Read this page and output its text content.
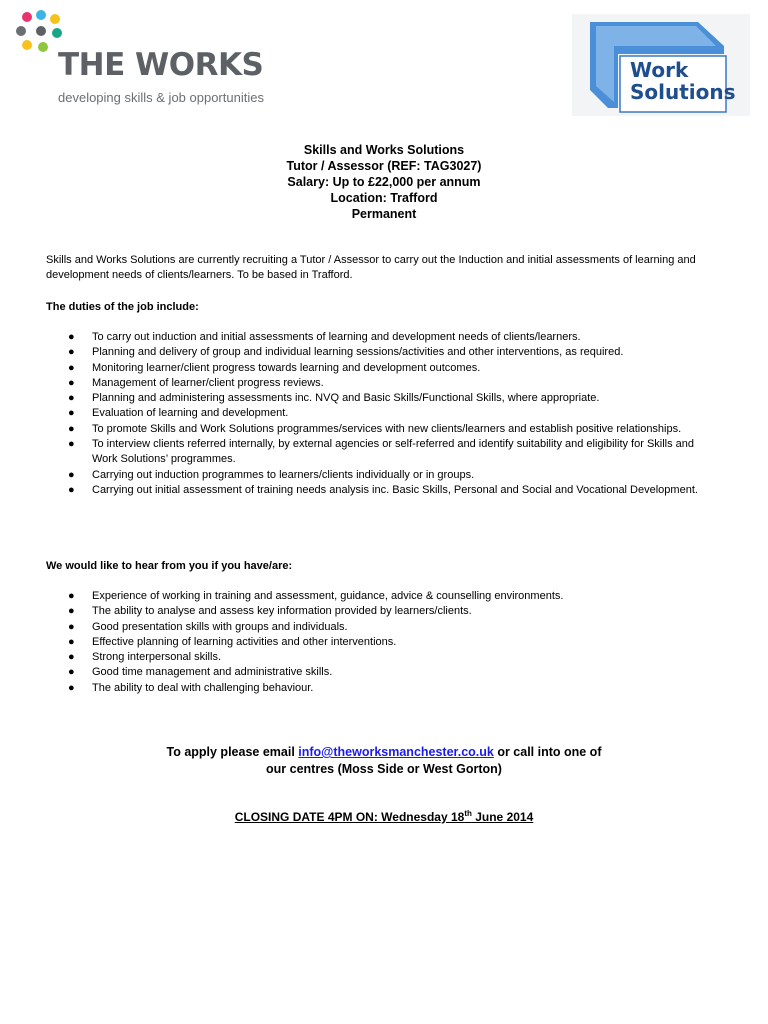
THE WORKS
developing skills & job opportunities
Work
Solutions
Skills and Works Solutions
Tutor / Assessor (REF: TAG3027)
Salary: Up to £22,000 per annum
Location: Trafford
Permanent
Skills and Works Solutions are currently recruiting a Tutor / Assessor to carry out the Induction and initial assessments of learning and development needs of clients/learners. To be based in Trafford.
The duties of the job include:
● To carry out induction and initial assessments of learning and development needs of clients/learners.
● Planning and delivery of group and individual learning sessions/activities and other interventions, as required.
● Monitoring learner/client progress towards learning and development outcomes.
● Management of learner/client progress reviews.
● Planning and administering assessments inc. NVQ and Basic Skills/Functional Skills, where appropriate.
● Evaluation of learning and development.
● To promote Skills and Work Solutions programmes/services with new clients/learners and establish positive relationships.
● To interview clients referred internally, by external agencies or self-referred and identify suitability and eligibility for Skills and Work Solutions’ programmes.
● Carrying out induction programmes to learners/clients individually or in groups.
● Carrying out initial assessment of training needs analysis inc. Basic Skills, Personal and Social and Vocational Development.
We would like to hear from you if you have/are:
● Experience of working in training and assessment, guidance, advice & counselling environments.
● The ability to analyse and assess key information provided by learners/clients.
● Good presentation skills with groups and individuals.
● Effective planning of learning activities and other interventions.
● Strong interpersonal skills.
● Good time management and administrative skills.
● The ability to deal with challenging behaviour.
To apply please email info@theworksmanchester.co.uk or call into one of
our centres (Moss Side or West Gorton)
CLOSING DATE 4PM ON: Wednesday 18th June 2014
